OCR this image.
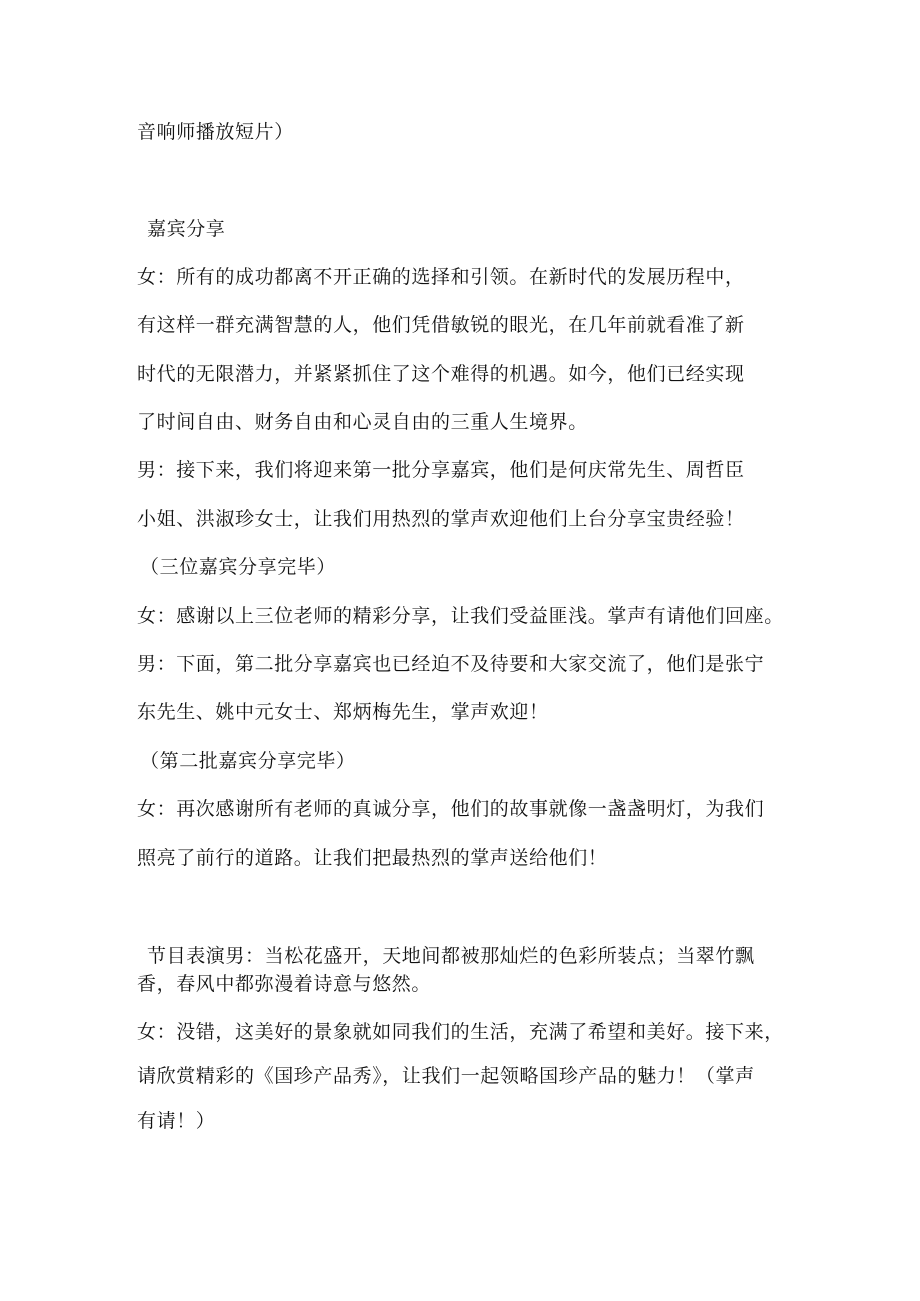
音响师播放短片）
嘉宾分享
女：所有的成功都离不开正确的选择和引领。在新时代的发展历程中，
有这样一群充满智慧的人，他们凭借敏锐的眼光，在几年前就看准了新
时代的无限潜力，并紧紧抓住了这个难得的机遇。如今，他们已经实现
了时间自由、财务自由和心灵自由的三重人生境界。
男：接下来，我们将迎来第一批分享嘉宾，他们是何庆常先生、周哲臣
小姐、洪淑珍女士，让我们用热烈的掌声欢迎他们上台分享宝贵经验！
（三位嘉宾分享完毕）
女：感谢以上三位老师的精彩分享，让我们受益匪浅。掌声有请他们回座。
男：下面，第二批分享嘉宾也已经迫不及待要和大家交流了，他们是张宁
东先生、姚中元女士、郑炳梅先生，掌声欢迎！
（第二批嘉宾分享完毕）
女：再次感谢所有老师的真诚分享，他们的故事就像一盏盏明灯，为我们
照亮了前行的道路。让我们把最热烈的掌声送给他们！
节目表演男：当松花盛开，天地间都被那灿烂的色彩所装点；当翠竹飘
香，春风中都弥漫着诗意与悠然。
女：没错，这美好的景象就如同我们的生活，充满了希望和美好。接下来，
请欣赏精彩的《国珍产品秀》，让我们一起领略国珍产品的魅力！（掌声
有请！）
